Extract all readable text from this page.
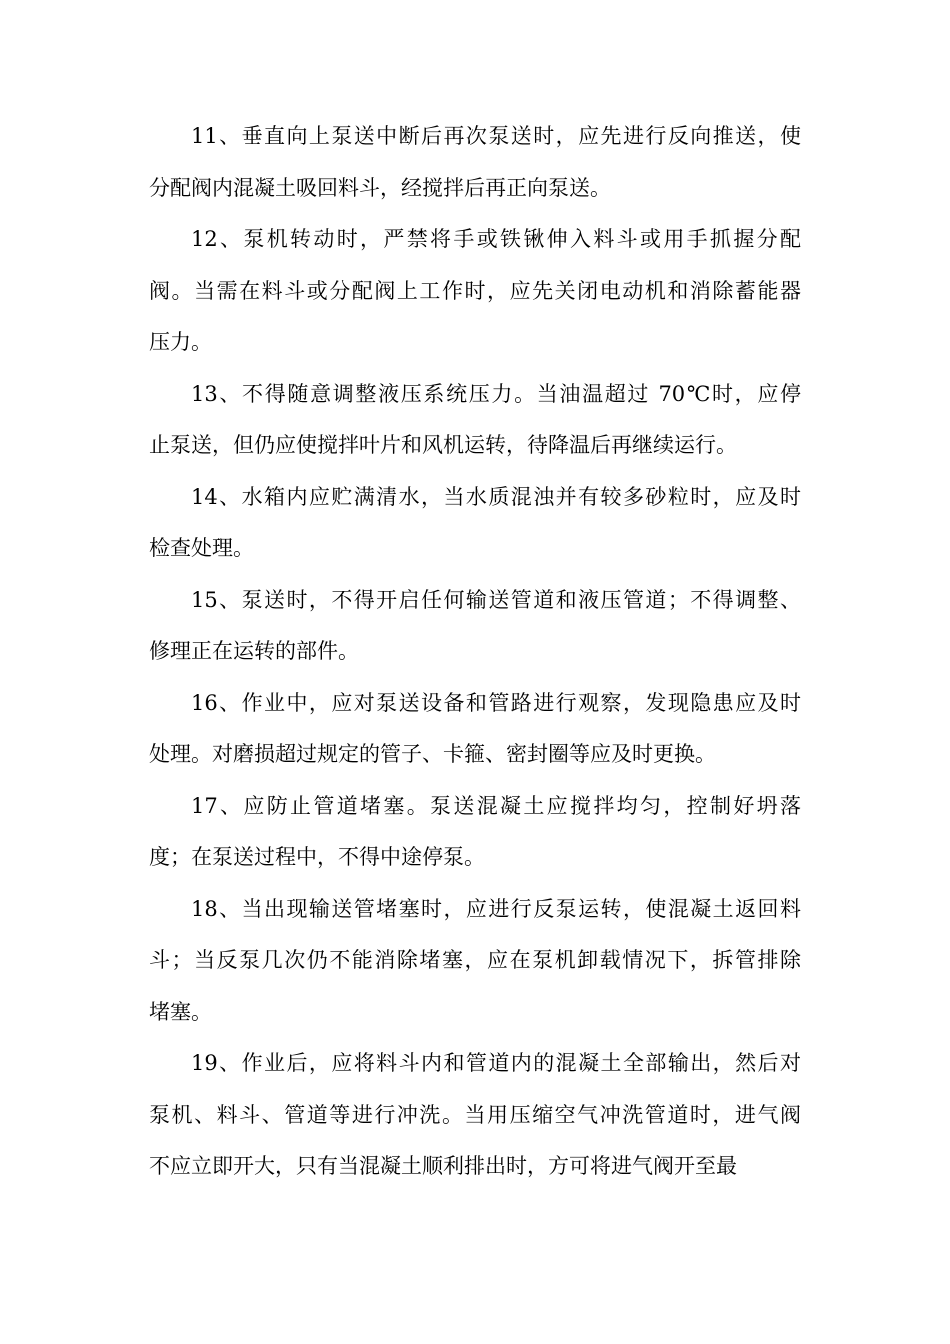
11、垂直向上泵送中断后再次泵送时，应先进行反向推送，使
分配阀内混凝土吸回料斗，经搅拌后再正向泵送。
12、泵机转动时，严禁将手或铁锹伸入料斗或用手抓握分配
阀。当需在料斗或分配阀上工作时，应先关闭电动机和消除蓄能器
压力。
13、不得随意调整液压系统压力。当油温超过 70℃时，应停
止泵送，但仍应使搅拌叶片和风机运转，待降温后再继续运行。
14、水箱内应贮满清水，当水质混浊并有较多砂粒时，应及时
检查处理。
15、泵送时，不得开启任何输送管道和液压管道；不得调整、
修理正在运转的部件。
16、作业中，应对泵送设备和管路进行观察，发现隐患应及时
处理。对磨损超过规定的管子、卡箍、密封圈等应及时更换。
17、应防止管道堵塞。泵送混凝土应搅拌均匀，控制好坍落
度；在泵送过程中，不得中途停泵。
18、当出现输送管堵塞时，应进行反泵运转，使混凝土返回料
斗；当反泵几次仍不能消除堵塞，应在泵机卸载情况下，拆管排除
堵塞。
19、作业后，应将料斗内和管道内的混凝土全部输出，然后对
泵机、料斗、管道等进行冲洗。当用压缩空气冲洗管道时，进气阀
不应立即开大，只有当混凝土顺利排出时，方可将进气阀开至最
